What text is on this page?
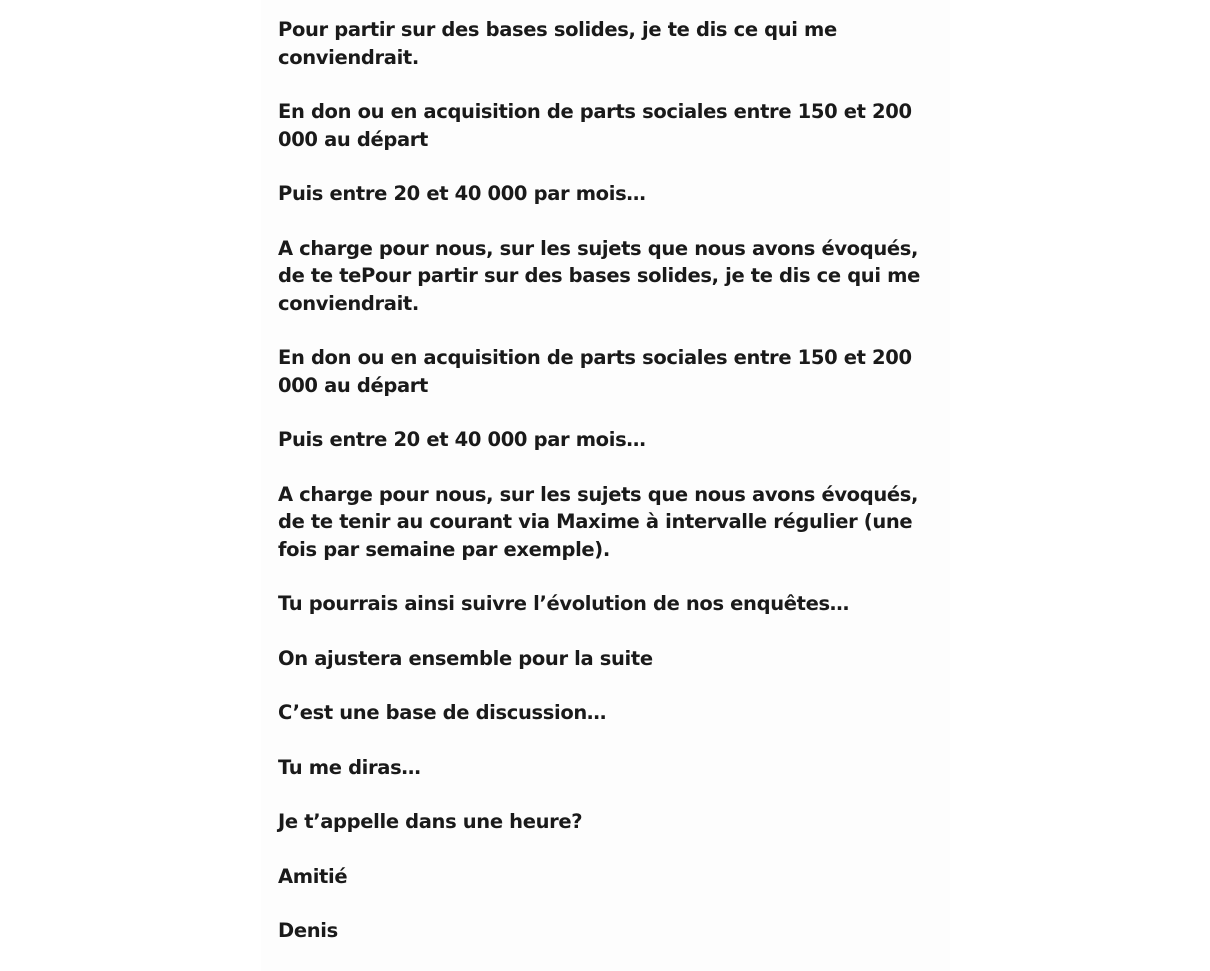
Pour partir sur des bases solides, je te dis ce qui me conviendrait.

En don ou en acquisition de parts sociales entre 150 et 200 000 au départ

Puis entre 20 et 40 000 par mois…

A charge pour nous, sur les sujets que nous avons évoqués, de te tePour partir sur des bases solides, je te dis ce qui me conviendrait.

En don ou en acquisition de parts sociales entre 150 et 200 000 au départ

Puis entre 20 et 40 000 par mois…

A charge pour nous, sur les sujets que nous avons évoqués, de te tenir au courant via Maxime à intervalle régulier (une fois par semaine par exemple).

Tu pourrais ainsi suivre l’évolution de nos enquêtes…

On ajustera ensemble pour la suite

C’est une base de discussion…

Tu me diras…

Je t’appelle dans une heure?

Amitié

Denis
